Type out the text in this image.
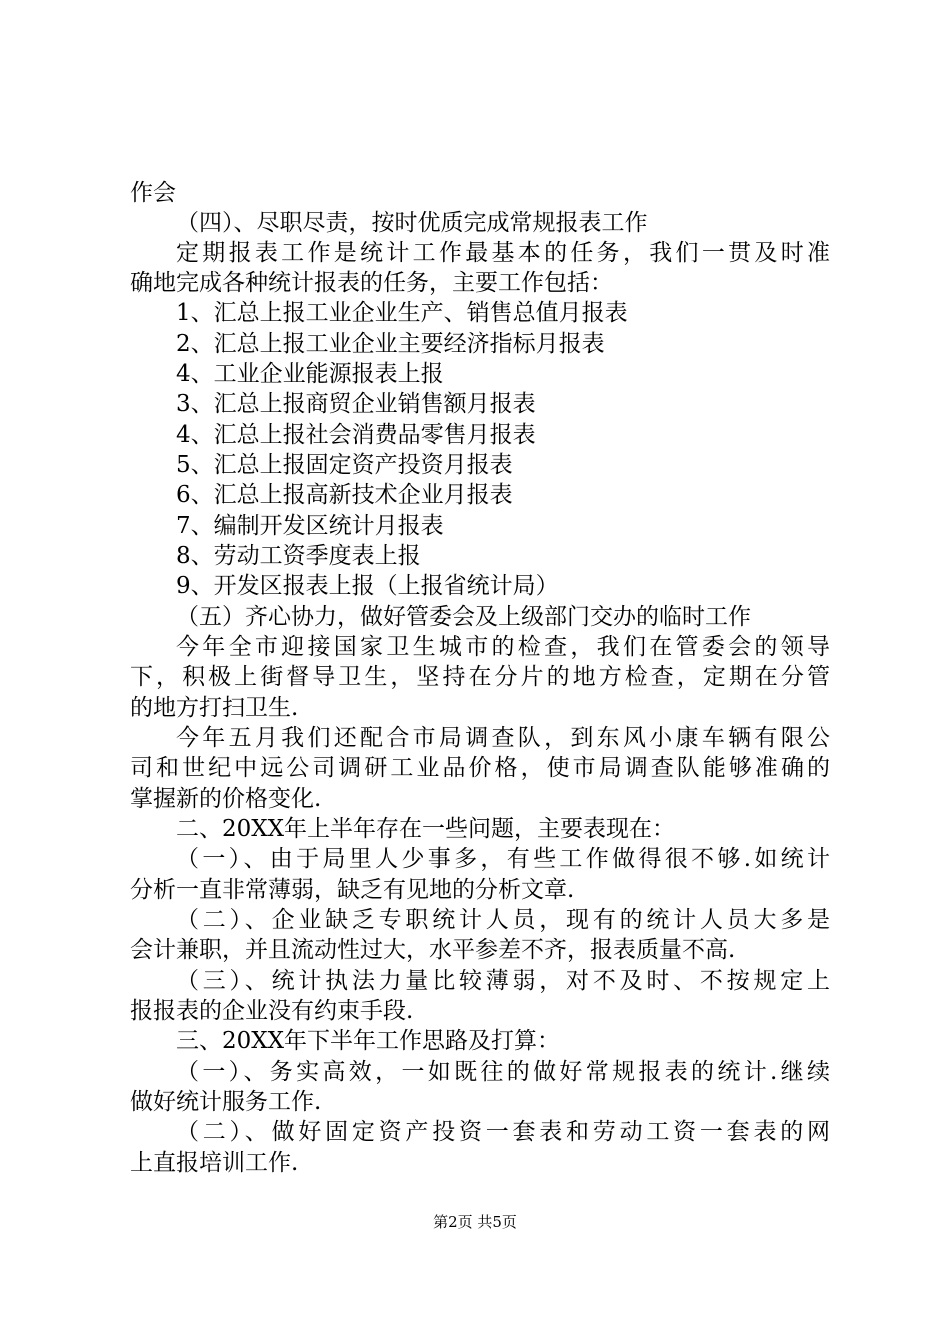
作会
（四）、尽职尽责，按时优质完成常规报表工作
定期报表工作是统计工作最基本的任务，我们一贯及时准
确地完成各种统计报表的任务，主要工作包括：
1、汇总上报工业企业生产、销售总值月报表
2、汇总上报工业企业主要经济指标月报表
4、工业企业能源报表上报
3、汇总上报商贸企业销售额月报表
4、汇总上报社会消费品零售月报表
5、汇总上报固定资产投资月报表
6、汇总上报高新技术企业月报表
7、编制开发区统计月报表
8、劳动工资季度表上报
9、开发区报表上报（上报省统计局）
（五）齐心协力，做好管委会及上级部门交办的临时工作
今年全市迎接国家卫生城市的检查，我们在管委会的领导
下，积极上街督导卫生，坚持在分片的地方检查，定期在分管
的地方打扫卫生.
今年五月我们还配合市局调查队，到东风小康车辆有限公
司和世纪中远公司调研工业品价格，使市局调查队能够准确的
掌握新的价格变化.
二、20XX年上半年存在一些问题，主要表现在：
（一）、由于局里人少事多，有些工作做得很不够.如统计
分析一直非常薄弱，缺乏有见地的分析文章.
（二）、企业缺乏专职统计人员，现有的统计人员大多是
会计兼职，并且流动性过大，水平参差不齐，报表质量不高.
（三）、统计执法力量比较薄弱，对不及时、不按规定上
报报表的企业没有约束手段.
三、20XX年下半年工作思路及打算：
（一）、务实高效，一如既往的做好常规报表的统计.继续
做好统计服务工作.
（二）、做好固定资产投资一套表和劳动工资一套表的网
上直报培训工作.
第2页 共5页
